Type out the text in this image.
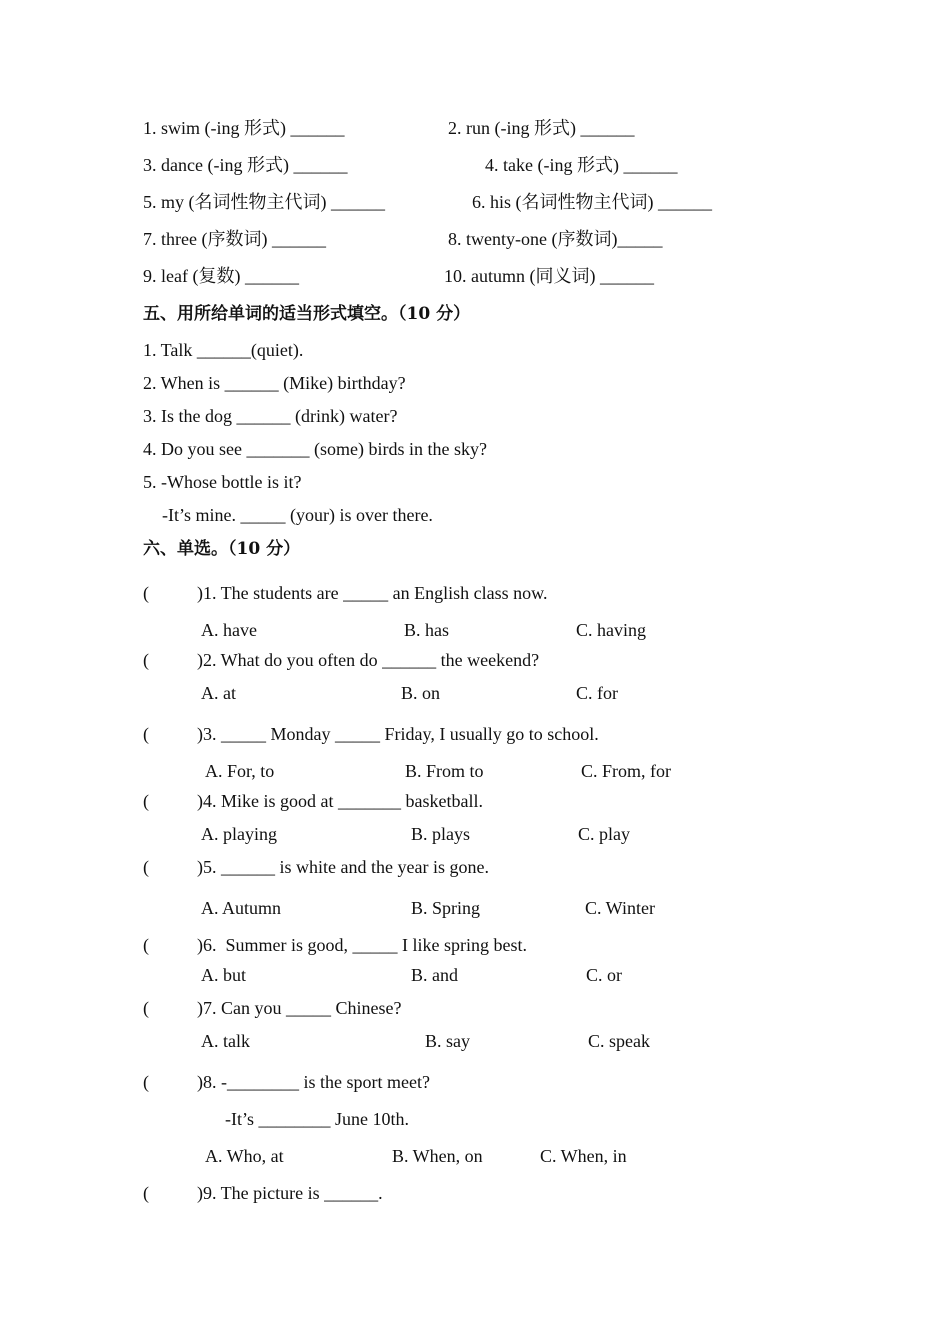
1. swim (-ing 形式) ______	2. run (-ing 形式) ______
3. dance (-ing 形式) ______	4. take (-ing 形式) ______
5. my (名词性物主代词) ______	6. his (名词性物主代词) ______
7. three (序数词) ______	8. twenty-one (序数词)_____
9. leaf (复数) ______	10. autumn (同义词) ______
五、用所给单词的适当形式填空。（10 分）
1. Talk ______(quiet).
2. When is ______ (Mike) birthday?
3. Is the dog ______ (drink) water?
4. Do you see _______ (some) birds in the sky?
5. -Whose bottle is it?
-It’s mine. _____ (your) is over there.
六、单选。（10 分）
(	)1. The students are _____ an English class now.
A. have	B. has	C. having
(	)2. What do you often do ______ the weekend?
A. at	B. on	C. for
(	)3. _____ Monday _____ Friday, I usually go to school.
A. For, to	B. From to	C. From, for
(	)4. Mike is good at _______ basketball.
A. playing	B. plays	C. play
(	)5. ______ is white and the year is gone.
A. Autumn	B. Spring	C. Winter
(	)6.  Summer is good, _____ I like spring best.
A. but	B. and	C. or
(	)7. Can you _____ Chinese?
A. talk	B. say	C. speak
(	)8. -________ is the sport meet?
-It’s ________ June 10th.
A. Who, at	B. When, on	C. When, in
(	)9. The picture is ______.
